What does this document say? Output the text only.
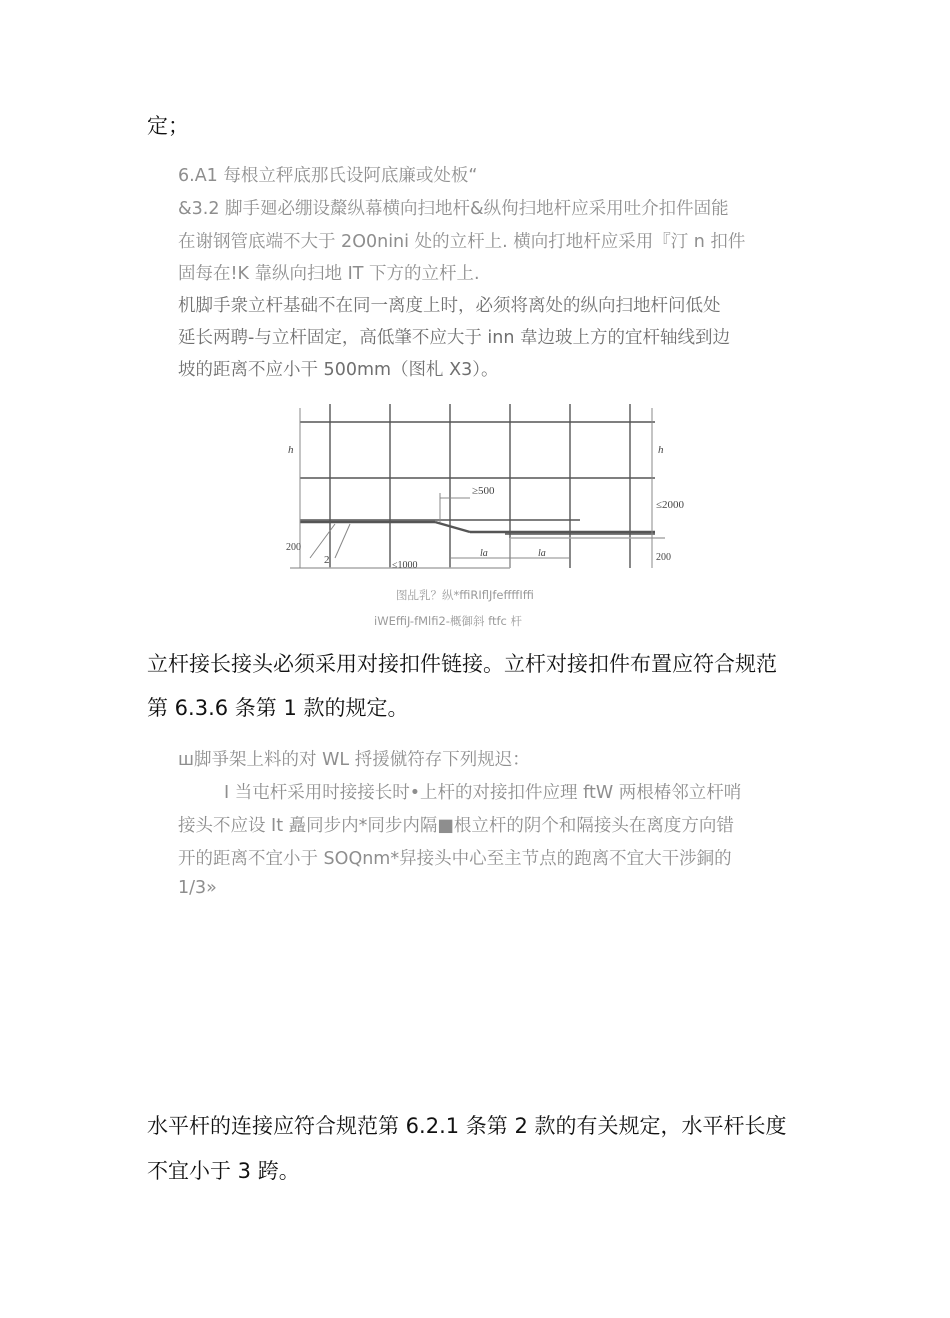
定；
6.A1 每根立秤底那氏设阿底廉或处板“
&3.2 脚手廻必绷设斄纵幕横向扫地杆&纵佝扫地杆应采用吐介扣件固能
在谢钢管底端不大于 2O0nini 处的立杆上. 横向打地杆应采用『汀 n 扣件
固每在!K 靠纵向扫地 IT 下方的立杆上.
机脚手衆立杆基础不在同一离度上时，必须将离处的纵向扫地杆问低处
延长两聘-与立杆固定，高低肇不应大于 inn 韋边玻上方的宜杆轴线到边
坡的距离不应小干 500mm（图札 X3）。
h	h
≥500
≤2000
200
200
≤1000
la	la
2
图乩乳？纵*ffiRIflJfeffffIffi
iWEffiJ-fMlfi2-概御斜 ftfc 杆
立杆接长接头必须采用对接扣件链接。立杆对接扣件布置应符合规范
第 6.3.6 条第 1 款的规定。
ш脚爭架上料的对 WL 捋援僦符存下列规迟：
I 当屯杆采用时接接长时•上杆的对接扣件应理 ftW 两根椿邻立杆哨
接头不应设 It 矗同步内*同步内隔■根立杆的阴个和隔接头在离度方向错
开的距离不宜小于 SOQnm*舁接头中心至主节点的跑离不宜大干涉銅的
1/3»
水平杆的连接应符合规范第 6.2.1 条第 2 款的有关规定，水平杆长度
不宜小于 3 跨。
